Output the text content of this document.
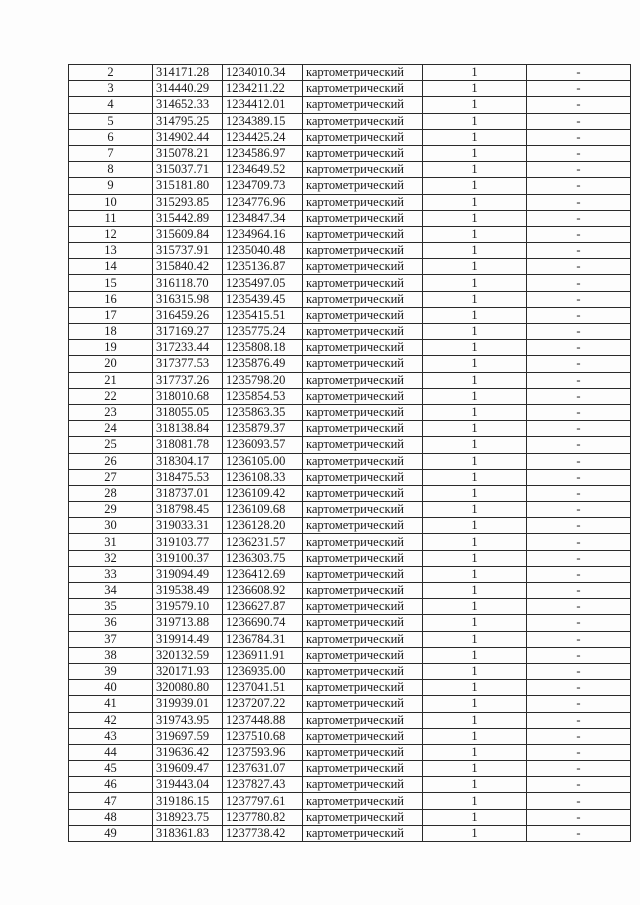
2	314171.28	1234010.34	картометрический	1	-
3	314440.29	1234211.22	картометрический	1	-
4	314652.33	1234412.01	картометрический	1	-
5	314795.25	1234389.15	картометрический	1	-
6	314902.44	1234425.24	картометрический	1	-
7	315078.21	1234586.97	картометрический	1	-
8	315037.71	1234649.52	картометрический	1	-
9	315181.80	1234709.73	картометрический	1	-
10	315293.85	1234776.96	картометрический	1	-
11	315442.89	1234847.34	картометрический	1	-
12	315609.84	1234964.16	картометрический	1	-
13	315737.91	1235040.48	картометрический	1	-
14	315840.42	1235136.87	картометрический	1	-
15	316118.70	1235497.05	картометрический	1	-
16	316315.98	1235439.45	картометрический	1	-
17	316459.26	1235415.51	картометрический	1	-
18	317169.27	1235775.24	картометрический	1	-
19	317233.44	1235808.18	картометрический	1	-
20	317377.53	1235876.49	картометрический	1	-
21	317737.26	1235798.20	картометрический	1	-
22	318010.68	1235854.53	картометрический	1	-
23	318055.05	1235863.35	картометрический	1	-
24	318138.84	1235879.37	картометрический	1	-
25	318081.78	1236093.57	картометрический	1	-
26	318304.17	1236105.00	картометрический	1	-
27	318475.53	1236108.33	картометрический	1	-
28	318737.01	1236109.42	картометрический	1	-
29	318798.45	1236109.68	картометрический	1	-
30	319033.31	1236128.20	картометрический	1	-
31	319103.77	1236231.57	картометрический	1	-
32	319100.37	1236303.75	картометрический	1	-
33	319094.49	1236412.69	картометрический	1	-
34	319538.49	1236608.92	картометрический	1	-
35	319579.10	1236627.87	картометрический	1	-
36	319713.88	1236690.74	картометрический	1	-
37	319914.49	1236784.31	картометрический	1	-
38	320132.59	1236911.91	картометрический	1	-
39	320171.93	1236935.00	картометрический	1	-
40	320080.80	1237041.51	картометрический	1	-
41	319939.01	1237207.22	картометрический	1	-
42	319743.95	1237448.88	картометрический	1	-
43	319697.59	1237510.68	картометрический	1	-
44	319636.42	1237593.96	картометрический	1	-
45	319609.47	1237631.07	картометрический	1	-
46	319443.04	1237827.43	картометрический	1	-
47	319186.15	1237797.61	картометрический	1	-
48	318923.75	1237780.82	картометрический	1	-
49	318361.83	1237738.42	картометрический	1	-
